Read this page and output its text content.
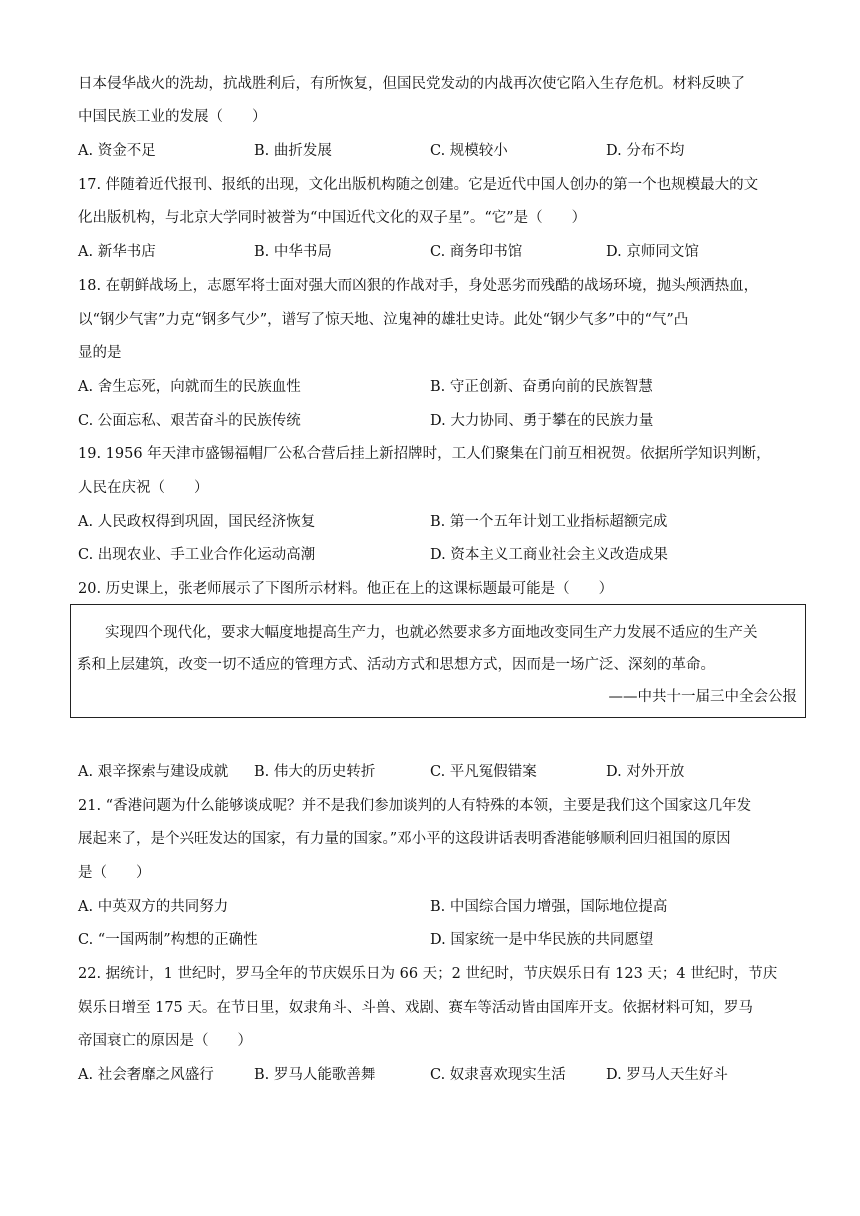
日本侵华战火的洗劫，抗战胜利后，有所恢复，但国民党发动的内战再次使它陷入生存危机。材料反映了
中国民族工业的发展（　　）
A. 资金不足	B. 曲折发展	C. 规模较小	D. 分布不均
17. 伴随着近代报刊、报纸的出现，文化出版机构随之创建。它是近代中国人创办的第一个也规模最大的文
化出版机构，与北京大学同时被誉为“中国近代文化的双子星”。“它”是（　　）
A. 新华书店	B. 中华书局	C. 商务印书馆	D. 京师同文馆
18. 在朝鲜战场上，志愿军将士面对强大而凶狠的作战对手，身处恶劣而残酷的战场环境，抛头颅洒热血，
以“钢少气害”力克“钢多气少”，谱写了惊天地、泣鬼神的雄壮史诗。此处“钢少气多”中的“气”凸
显的是
A. 舍生忘死，向就而生的民族血性	B. 守正创新、奋勇向前的民族智慧
C. 公面忘私、艰苦奋斗的民族传统	D. 大力协同、勇于攀在的民族力量
19. 1956 年天津市盛锡福帽厂公私合营后挂上新招牌时，工人们聚集在门前互相祝贺。依据所学知识判断，
人民在庆祝（　　）
A. 人民政权得到巩固，国民经济恢复	B. 第一个五年计划工业指标超额完成
C. 出现农业、手工业合作化运动高潮	D. 资本主义工商业社会主义改造成果
20. 历史课上，张老师展示了下图所示材料。他正在上的这课标题最可能是（　　）
实现四个现代化，要求大幅度地提高生产力，也就必然要求多方面地改变同生产力发展不适应的生产关
系和上层建筑，改变一切不适应的管理方式、活动方式和思想方式，因而是一场广泛、深刻的革命。
——中共十一届三中全会公报
A. 艰辛探索与建设成就 B. 伟大的历史转折	C. 平凡冤假错案	D. 对外开放
21. “香港问题为什么能够谈成呢？并不是我们参加谈判的人有特殊的本领，主要是我们这个国家这几年发
展起来了，是个兴旺发达的国家，有力量的国家。”邓小平的这段讲话表明香港能够顺利回归祖国的原因
是（　　）
A. 中英双方的共同努力	B. 中国综合国力增强，国际地位提高
C. “一国两制”构想的正确性	D. 国家统一是中华民族的共同愿望
22. 据统计，1 世纪时，罗马全年的节庆娱乐日为 66 天；2 世纪时，节庆娱乐日有 123 天；4 世纪时，节庆
娱乐日增至 175 天。在节日里，奴隶角斗、斗兽、戏剧、赛车等活动皆由国库开支。依据材料可知，罗马
帝国衰亡的原因是（　　）
A. 社会奢靡之风盛行	B. 罗马人能歌善舞	C. 奴隶喜欢现实生活	D. 罗马人天生好斗
